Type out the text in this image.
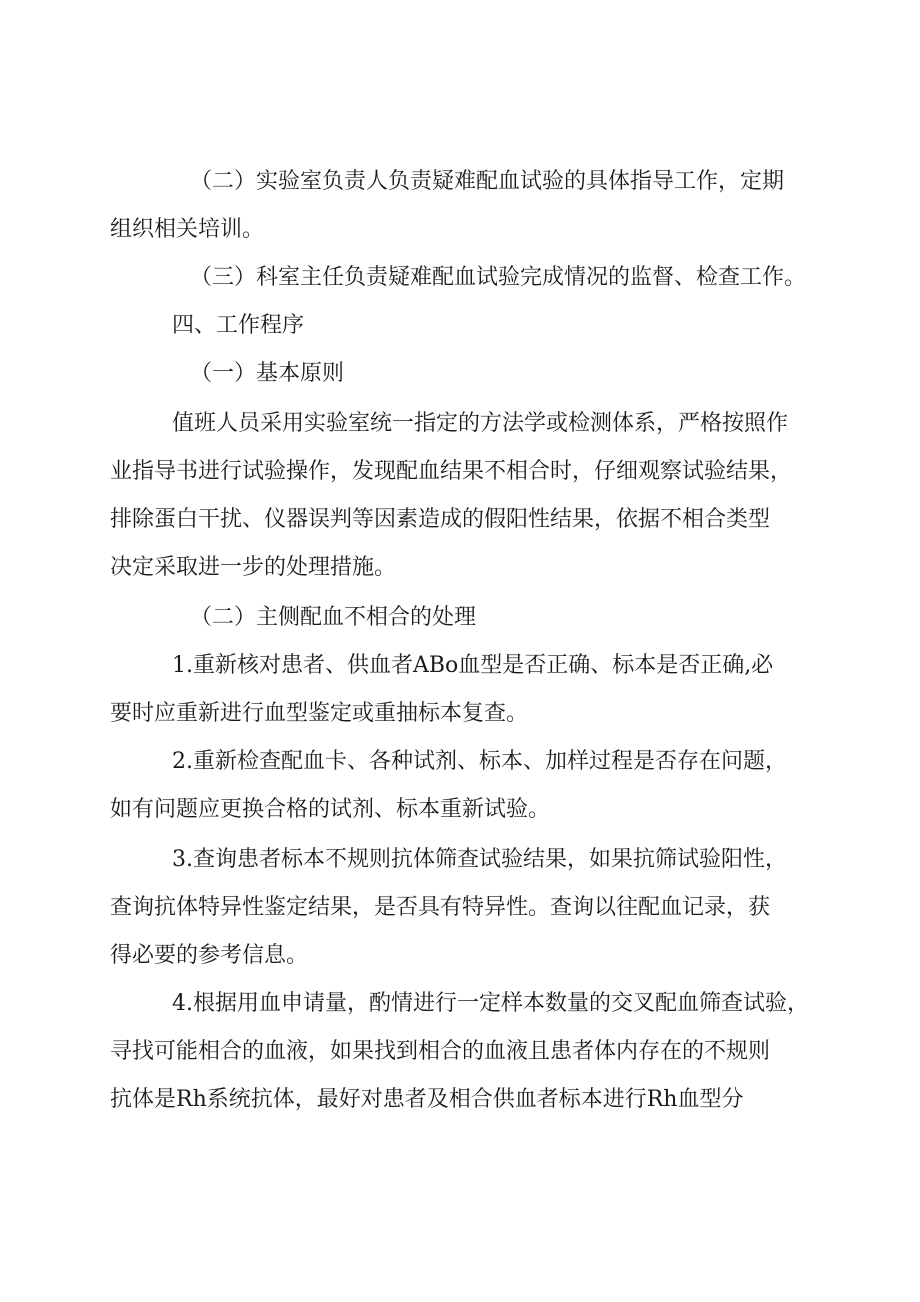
（二）实验室负责人负责疑难配血试验的具体指导工作，定期
组织相关培训。
（三）科室主任负责疑难配血试验完成情况的监督、检查工作。
四、工作程序
（一）基本原则
值班人员采用实验室统一指定的方法学或检测体系，严格按照作
业指导书进行试验操作，发现配血结果不相合时，仔细观察试验结果，
排除蛋白干扰、仪器误判等因素造成的假阳性结果，依据不相合类型
决定采取进一步的处理措施。
（二）主侧配血不相合的处理
1.重新核对患者、供血者ABo血型是否正确、标本是否正确,必
要时应重新进行血型鉴定或重抽标本复查。
2.重新检查配血卡、各种试剂、标本、加样过程是否存在问题，
如有问题应更换合格的试剂、标本重新试验。
3.查询患者标本不规则抗体筛查试验结果，如果抗筛试验阳性，
查询抗体特异性鉴定结果，是否具有特异性。查询以往配血记录，获
得必要的参考信息。
4.根据用血申请量，酌情进行一定样本数量的交叉配血筛查试验，
寻找可能相合的血液，如果找到相合的血液且患者体内存在的不规则
抗体是Rh系统抗体，最好对患者及相合供血者标本进行Rh血型分
